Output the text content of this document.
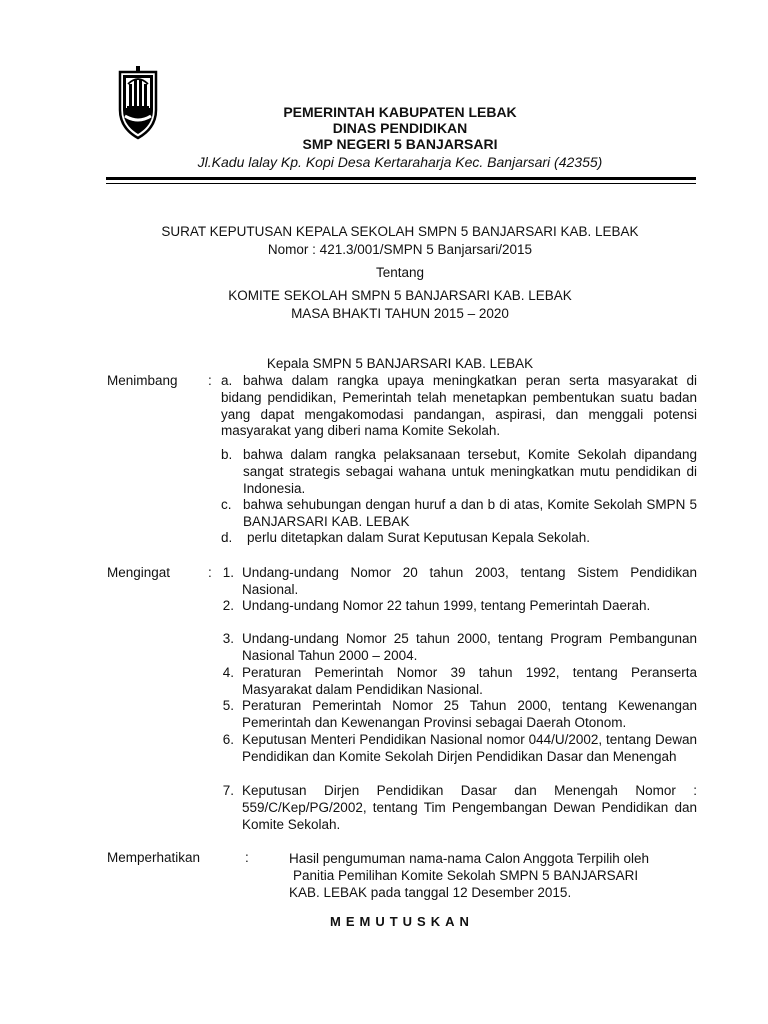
PEMERINTAH KABUPATEN LEBAK
DINAS PENDIDIKAN
SMP NEGERI 5 BANJARSARI
Jl.Kadu lalay Kp. Kopi Desa Kertaraharja Kec. Banjarsari (42355)
SURAT KEPUTUSAN KEPALA SEKOLAH SMPN 5 BANJARSARI KAB. LEBAK
Nomor : 421.3/001/SMPN 5 Banjarsari/2015
Tentang
KOMITE SEKOLAH SMPN 5 BANJARSARI KAB. LEBAK
MASA BHAKTI TAHUN 2015 – 2020
Kepala SMPN 5 BANJARSARI KAB. LEBAK
Menimbang : a. bahwa dalam rangka upaya meningkatkan peran serta masyarakat di bidang pendidikan, Pemerintah telah menetapkan pembentukan suatu badan yang dapat mengakomodasi pandangan, aspirasi, dan menggali potensi masyarakat yang diberi nama Komite Sekolah.
b. bahwa dalam rangka pelaksanaan tersebut, Komite Sekolah dipandang sangat strategis sebagai wahana untuk meningkatkan mutu pendidikan di Indonesia.
c. bahwa sehubungan dengan huruf a dan b di atas, Komite Sekolah SMPN 5 BANJARSARI KAB. LEBAK
d. perlu ditetapkan dalam Surat Keputusan Kepala Sekolah.
Mengingat	: 1. Undang-undang Nomor 20 tahun 2003, tentang Sistem Pendidikan Nasional.
2. Undang-undang Nomor 22 tahun 1999, tentang Pemerintah Daerah.
3. Undang-undang Nomor 25 tahun 2000, tentang Program Pembangunan Nasional Tahun 2000 – 2004.
4. Peraturan Pemerintah Nomor 39 tahun 1992, tentang Peranserta Masyarakat dalam Pendidikan Nasional.
5. Peraturan Pemerintah Nomor 25 Tahun 2000, tentang Kewenangan Pemerintah dan Kewenangan Provinsi sebagai Daerah Otonom.
6. Keputusan Menteri Pendidikan Nasional nomor 044/U/2002, tentang Dewan Pendidikan dan Komite Sekolah Dirjen Pendidikan Dasar dan Menengah
7. Keputusan Dirjen Pendidikan Dasar dan Menengah Nomor : 559/C/Kep/PG/2002, tentang Tim Pengembangan Dewan Pendidikan dan Komite Sekolah.
Memperhatikan	:	Hasil pengumuman nama-nama Calon Anggota Terpilih oleh
Panitia Pemilihan Komite Sekolah SMPN 5 BANJARSARI
KAB. LEBAK pada tanggal 12 Desember 2015.
MEMUTUSKAN
